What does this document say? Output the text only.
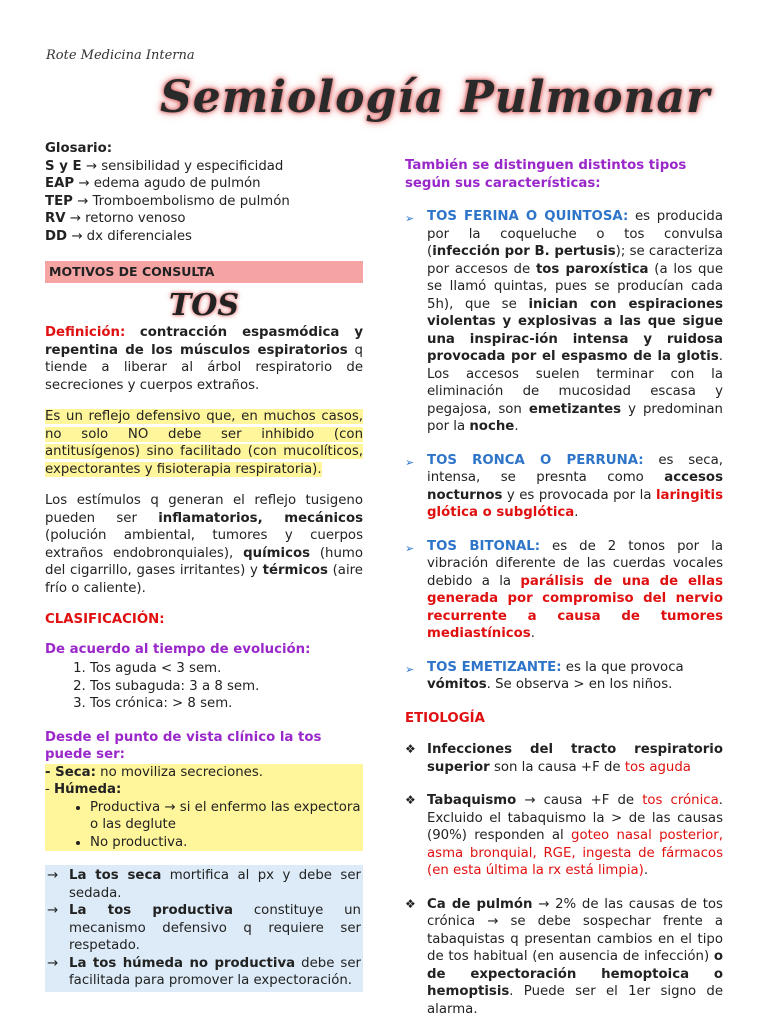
Rote Medicina Interna
Semiología Pulmonar
Glosario:

S y E → sensibilidad y especificidad

EAP → edema agudo de pulmón

TEP → Tromboembolismo de pulmón

RV → retorno venoso

DD → dx diferenciales

MOTIVOS DE CONSULTA
TOS

Definición: contracción espasmódica y repentina de los músculos espiratorios q tiende a liberar al árbol respiratorio de secreciones y cuerpos extraños.

Es un reflejo defensivo que, en muchos casos, no solo NO debe ser inhibido (con antitusígenos) sino facilitado (con mucolíticos, expectorantes y fisioterapia respiratoria).

Los estímulos q generan el reflejo tusigeno pueden ser inflamatorios, mecánicos (polución ambiental, tumores y cuerpos extraños endobronquiales), químicos (humo del cigarrillo, gases irritantes) y térmicos (aire frío o caliente).

CLASIFICACIÓN:
De acuerdo al tiempo de evolución:
1. Tos aguda < 3 sem.
2. Tos subaguda: 3 a 8 sem.
3. Tos crónica: > 8 sem.
Desde el punto de vista clínico la tos puede ser:
- Seca: no moviliza secreciones.
- Húmeda:
• Productiva → si el enfermo las expectora o las deglute
• No productiva.
→ La tos seca mortifica al px y debe ser sedada.
→ La tos productiva constituye un mecanismo defensivo q requiere ser respetado.
→ La tos húmeda no productiva debe ser facilitada para promover la expectoración.
También se distinguen distintos tipos según sus características:
➢ TOS FERINA O QUINTOSA: es producida por la coqueluche o tos convulsa (infección por B. pertusis); se caracteriza por accesos de tos paroxística (a los que se llamó quintas, pues se producían cada 5h), que se inician con espiraciones violentas y explosivas a las que sigue una inspirac-ión intensa y ruidosa provocada por el espasmo de la glotis. Los accesos suelen terminar con la eliminación de mucosidad escasa y pegajosa, son emetizantes y predominan por la noche.
➢ TOS RONCA O PERRUNA: es seca, intensa, se presnta como accesos nocturnos y es provocada por la laringitis glótica o subglótica.
➢ TOS BITONAL: es de 2 tonos por la vibración diferente de las cuerdas vocales debido a la parálisis de una de ellas generada por compromiso del nervio recurrente a causa de tumores mediastínicos.
➢ TOS EMETIZANTE: es la que provoca vómitos. Se observa > en los niños.
ETIOLOGÍA
❖ Infecciones del tracto respiratorio superior son la causa +F de tos aguda
❖ Tabaquismo → causa +F de tos crónica. Excluido el tabaquismo la > de las causas (90%) responden al goteo nasal posterior, asma bronquial, RGE, ingesta de fármacos (en esta última la rx está limpia).
❖ Ca de pulmón → 2% de las causas de tos crónica → se debe sospechar frente a tabaquistas q presentan cambios en el tipo de tos habitual (en ausencia de infección) o de expectoración hemoptoica o hemoptisis. Puede ser el 1er signo de alarma.
